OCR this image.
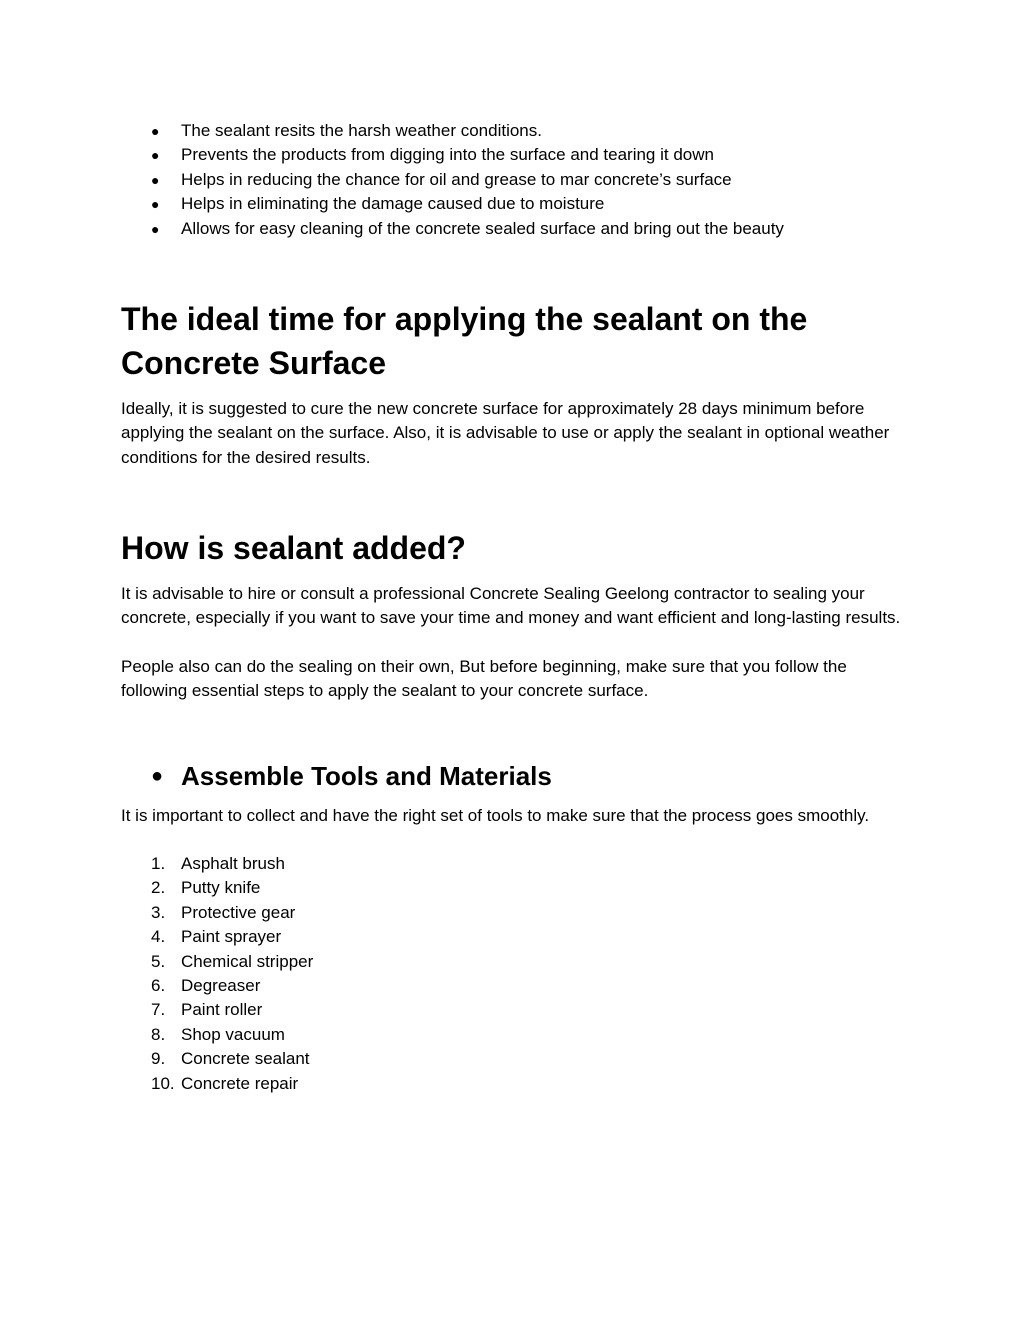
● The sealant resits the harsh weather conditions.
● Prevents the products from digging into the surface and tearing it down
● Helps in reducing the chance for oil and grease to mar concrete’s surface
● Helps in eliminating the damage caused due to moisture
● Allows for easy cleaning of the concrete sealed surface and bring out the beauty
The ideal time for applying the sealant on the Concrete Surface

Ideally, it is suggested to cure the new concrete surface for approximately 28 days minimum before applying the sealant on the surface. Also, it is advisable to use or apply the sealant in optional weather conditions for the desired results.

How is sealant added?

It is advisable to hire or consult a professional Concrete Sealing Geelong contractor to sealing your concrete, especially if you want to save your time and money and want efficient and long-lasting results.

People also can do the sealing on their own, But before beginning, make sure that you follow the following essential steps to apply the sealant to your concrete surface.

● Assemble Tools and Materials

It is important to collect and have the right set of tools to make sure that the process goes smoothly.

1. Asphalt brush
2. Putty knife
3. Protective gear
4. Paint sprayer
5. Chemical stripper
6. Degreaser
7. Paint roller
8. Shop vacuum
9. Concrete sealant
10. Concrete repair
